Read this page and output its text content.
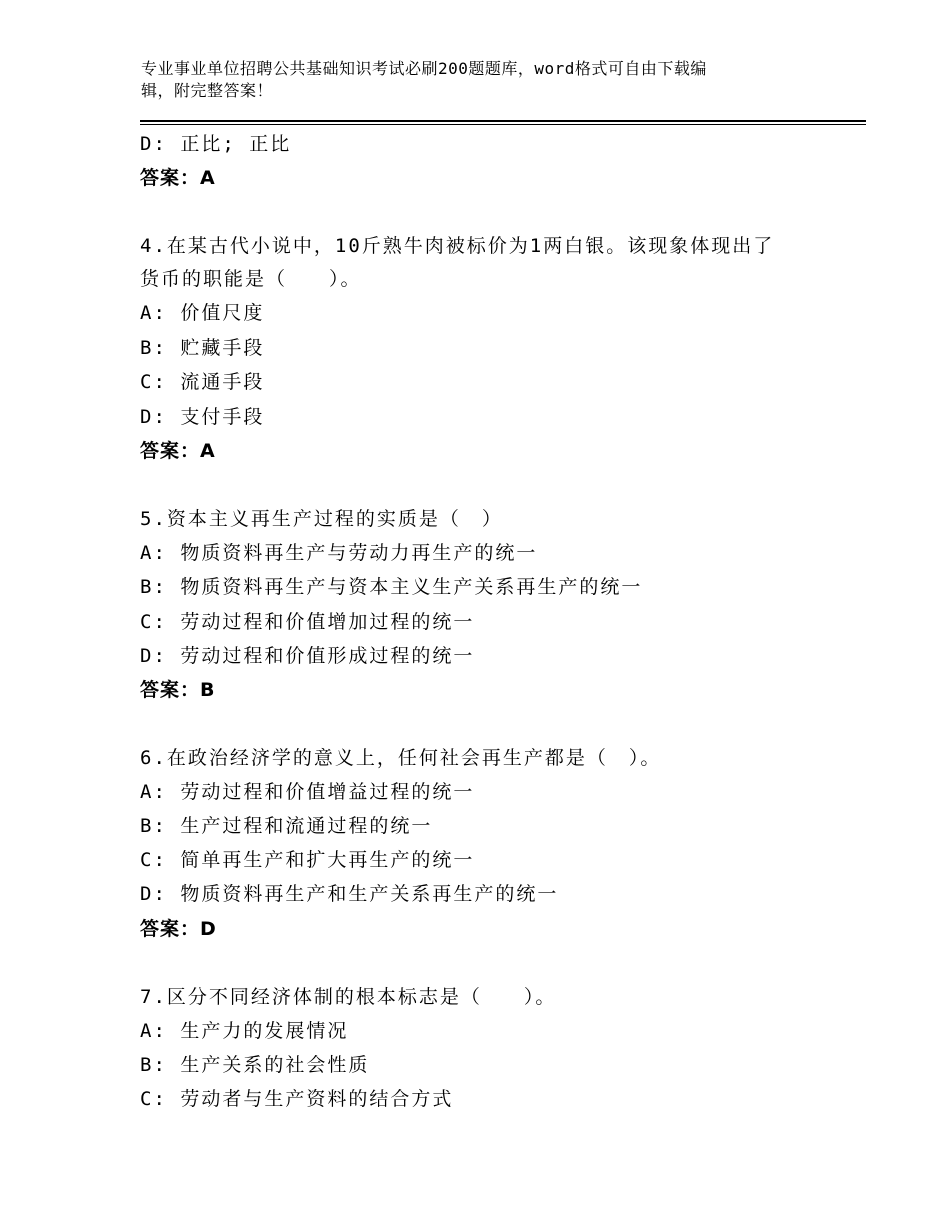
专业事业单位招聘公共基础知识考试必刷200题题库，word格式可自由下载编
辑，附完整答案！
D: 正比; 正比
答案：A
4.在某古代小说中，10斤熟牛肉被标价为1两白银。该现象体现出了
货币的职能是（　　）。
A: 价值尺度
B: 贮藏手段
C: 流通手段
D: 支付手段
答案：A
5.资本主义再生产过程的实质是（　）
A: 物质资料再生产与劳动力再生产的统一
B: 物质资料再生产与资本主义生产关系再生产的统一
C: 劳动过程和价值增加过程的统一
D: 劳动过程和价值形成过程的统一
答案：B
6.在政治经济学的意义上，任何社会再生产都是（　）。
A: 劳动过程和价值增益过程的统一
B: 生产过程和流通过程的统一
C: 简单再生产和扩大再生产的统一
D: 物质资料再生产和生产关系再生产的统一
答案：D
7.区分不同经济体制的根本标志是（　　）。
A: 生产力的发展情况
B: 生产关系的社会性质
C: 劳动者与生产资料的结合方式
